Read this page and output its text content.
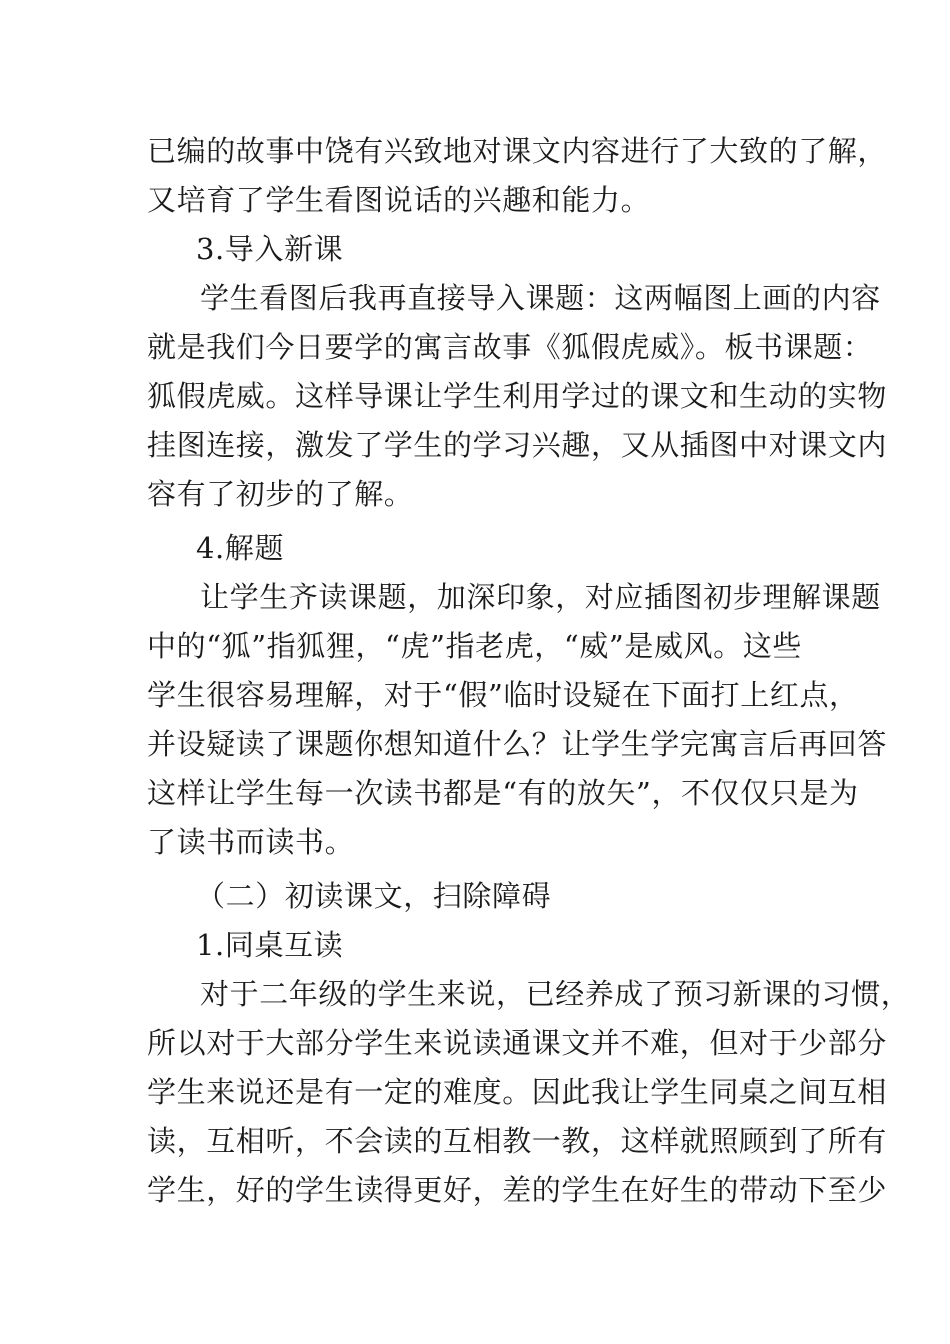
已编的故事中饶有兴致地对课文内容进行了大致的了解，
又培育了学生看图说话的兴趣和能力。
3.导入新课
学生看图后我再直接导入课题：这两幅图上画的内容
就是我们今日要学的寓言故事《狐假虎威》。板书课题：
狐假虎威。这样导课让学生利用学过的课文和生动的实物
挂图连接，激发了学生的学习兴趣，又从插图中对课文内
容有了初步的了解。
4.解题
让学生齐读课题，加深印象，对应插图初步理解课题
中的“狐”指狐狸，“虎”指老虎，“威”是威风。这些
学生很容易理解，对于“假”临时设疑在下面打上红点，
并设疑读了课题你想知道什么？让学生学完寓言后再回答
这样让学生每一次读书都是“有的放矢”，不仅仅只是为
了读书而读书。
（二）初读课文，扫除障碍
1.同桌互读
对于二年级的学生来说，已经养成了预习新课的习惯，
所以对于大部分学生来说读通课文并不难，但对于少部分
学生来说还是有一定的难度。因此我让学生同桌之间互相
读，互相听，不会读的互相教一教，这样就照顾到了所有
学生，好的学生读得更好，差的学生在好生的带动下至少
